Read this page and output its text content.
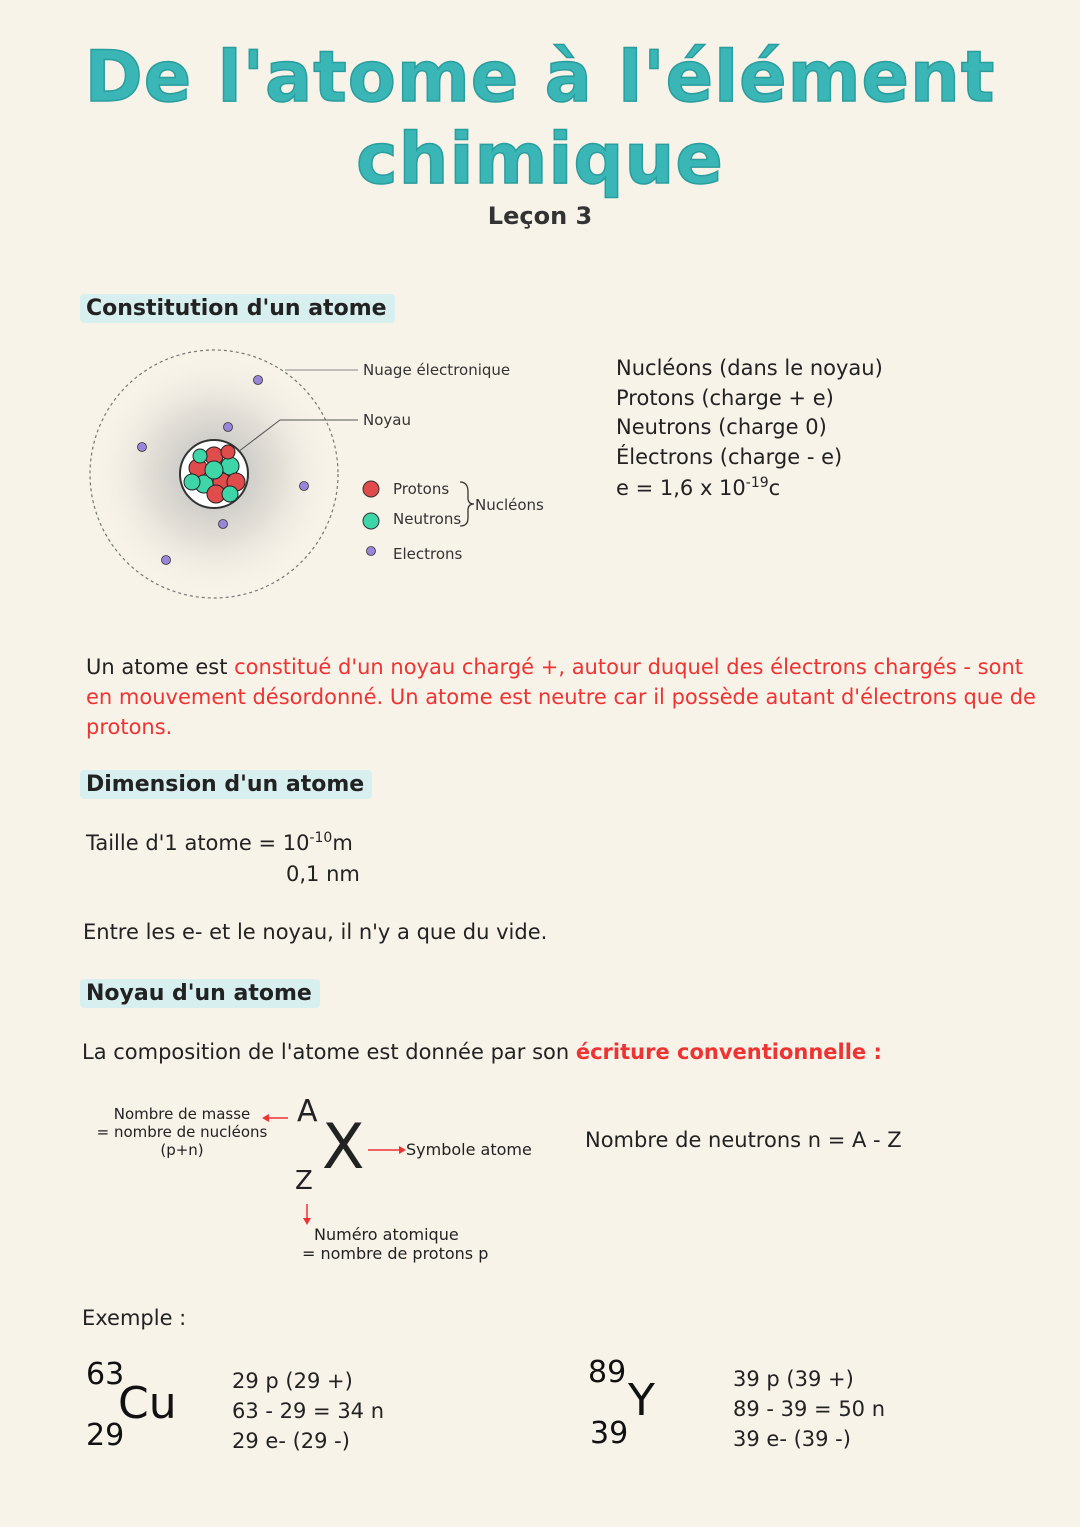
De l'atome à l'élément
chimique
Leçon 3
Constitution d'un atome
Nuage électronique
Noyau
Protons
Neutrons
Electrons
Nucléons
Nucléons (dans le noyau)
Protons (charge + e)
Neutrons (charge 0)
Électrons (charge - e)
e = 1,6 x $10^{-19}c$
Un atome est constitué d'un noyau chargé +, autour duquel des électrons chargés - sont en mouvement désordonné. Un atome est neutre car il possède autant d'électrons que de protons.
Dimension d'un atome
Taille d'1 atome = $10^{-10}m$
0,1 nm
Entre les e- et le noyau, il n'y a que du vide.
Noyau d'un atome
La composition de l'atome est donnée par son écriture conventionnelle :
Nombre de masse
= nombre de nucléons
(p+n)
A X
Z
Symbole atome
Numéro atomique
= nombre de protons p
Nombre de neutrons n = A - Z
Exemple :
63
Cu
29
29 p (29 +)
63 - 29 = 34 n
29 e- (29 -)
89
Y
39
39 p (39 +)
89 - 39 = 50 n
39 e- (39 -)
